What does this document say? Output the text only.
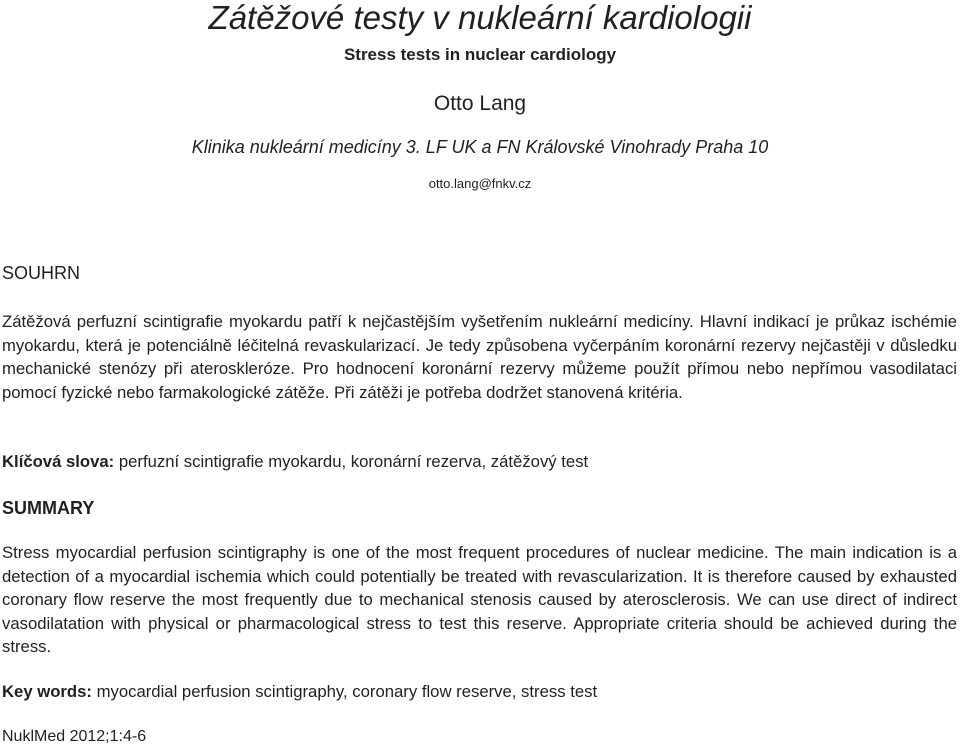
Zátěžové testy v nukleární kardiologii
Stress tests in nuclear cardiology
Otto Lang
Klinika nukleární medicíny 3. LF UK a FN Královské Vinohrady Praha 10
otto.lang@fnkv.cz
SOUHRN

Zátěžová perfuzní scintigrafie myokardu patří k nejčastějším vyšetřením nukleární medicíny. Hlavní indikací je průkaz ischémie myokardu, která je potenciálně léčitelná revaskularizací. Je tedy způsobena vyčerpáním koronární rezervy nejčastěji v důsledku mechanické stenózy při ateroskleróze. Pro hodnocení koronární rezervy můžeme použít přímou nebo nepřímou vasodilataci pomocí fyzické nebo farmakologické zátěže. Při zátěži je potřeba dodržet stanovená kritéria.

Klíčová slova: perfuzní scintigrafie myokardu, koronární rezerva, zátěžový test

SUMMARY

Stress myocardial perfusion scintigraphy is one of the most frequent procedures of nuclear medicine. The main indication is a detection of a myocardial ischemia which could potentially be treated with revascularization. It is therefore caused by exhausted coronary flow reserve the most frequently due to mechanical stenosis caused by aterosclerosis. We can use direct of indirect vasodilatation with physical or pharmacological stress to test this reserve. Appropriate criteria should be achieved during the stress.

Key words: myocardial perfusion scintigraphy, coronary flow reserve, stress test

NuklMed 2012;1:4-6
